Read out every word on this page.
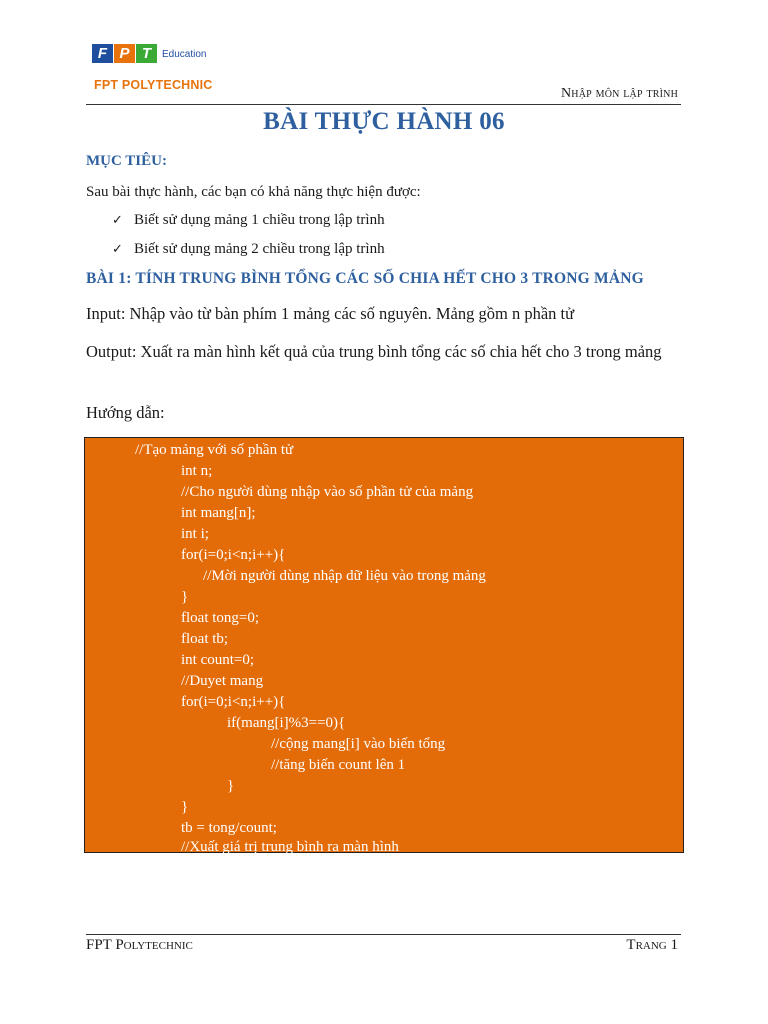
F P T	Education
FPT POLYTECHNIC
Nhập môn lập trình
BÀI THỰC HÀNH 06
MỤC TIÊU:
Sau bài thực hành, các bạn có khả năng thực hiện được:
✓ Biết sử dụng mảng 1 chiều trong lập trình
✓ Biết sử dụng mảng 2 chiều trong lập trình
BÀI 1: TÍNH TRUNG BÌNH TỔNG CÁC SỐ CHIA HẾT CHO 3 TRONG MẢNG
Input: Nhập vào từ bàn phím 1 mảng các số nguyên. Mảng gồm n phần tử
Output: Xuất ra màn hình kết quả của trung bình tổng các số chia hết cho 3 trong mảng
Hướng dẫn:
//Tạo mảng với số phần tử
int n;
//Cho người dùng nhập vào số phần tử của mảng
int mang[n];
int i;
for(i=0;i<n;i++){
//Mời người dùng nhập dữ liệu vào trong mảng
}
float tong=0;
float tb;
int count=0;
//Duyet mang
for(i=0;i<n;i++){
if(mang[i]%3==0){
//cộng mang[i] vào biến tổng
//tăng biến count lên 1
}
}
tb = tong/count;
//Xuất giá trị trung bình ra màn hình
FPT Polytechnic	Trang 1
